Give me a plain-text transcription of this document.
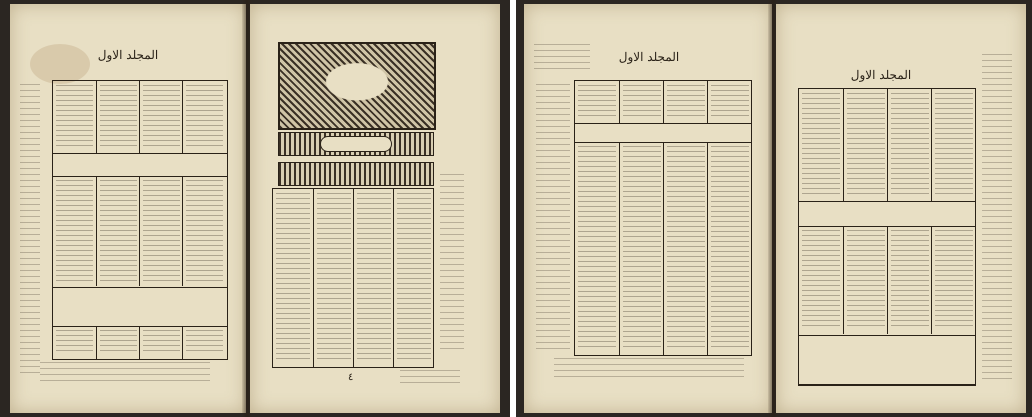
المجلد الاول
٤
المجلد الاول
المجلد الاول
